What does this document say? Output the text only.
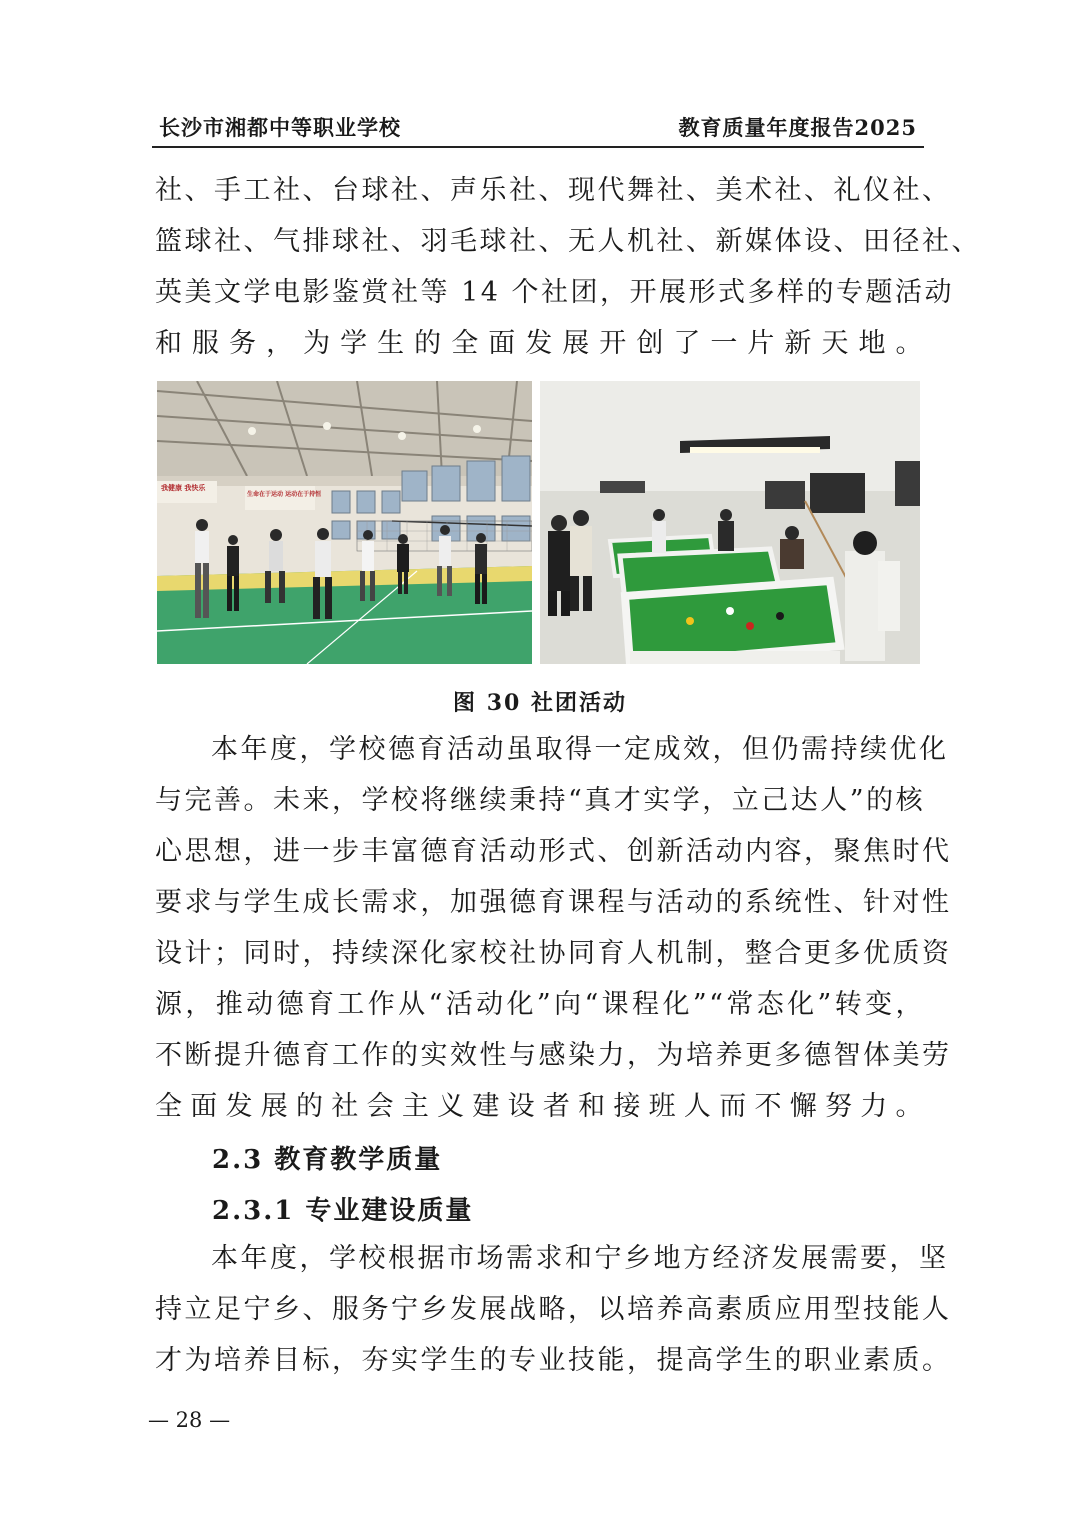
长沙市湘都中等职业学校	教育质量年度报告2025
社、手工社、台球社、声乐社、现代舞社、美术社、礼仪社、
篮球社、气排球社、羽毛球社、无人机社、新媒体设、田径社、
英美文学电影鉴赏社等 14 个社团，开展形式多样的专题活动
和服务，为学生的全面发展开创了一片新天地。
我健康 我快乐
生命在于运动 运动在于持恒
图 30 社团活动
本年度，学校德育活动虽取得一定成效，但仍需持续优化
与完善。未来，学校将继续秉持“真才实学，立己达人”的核
心思想，进一步丰富德育活动形式、创新活动内容，聚焦时代
要求与学生成长需求，加强德育课程与活动的系统性、针对性
设计；同时，持续深化家校社协同育人机制，整合更多优质资
源，推动德育工作从“活动化”向“课程化”“常态化”转变，
不断提升德育工作的实效性与感染力，为培养更多德智体美劳
全面发展的社会主义建设者和接班人而不懈努力。
2.3 教育教学质量
2.3.1 专业建设质量
本年度，学校根据市场需求和宁乡地方经济发展需要，坚
持立足宁乡、服务宁乡发展战略，以培养高素质应用型技能人
才为培养目标，夯实学生的专业技能，提高学生的职业素质。
— 28 —
